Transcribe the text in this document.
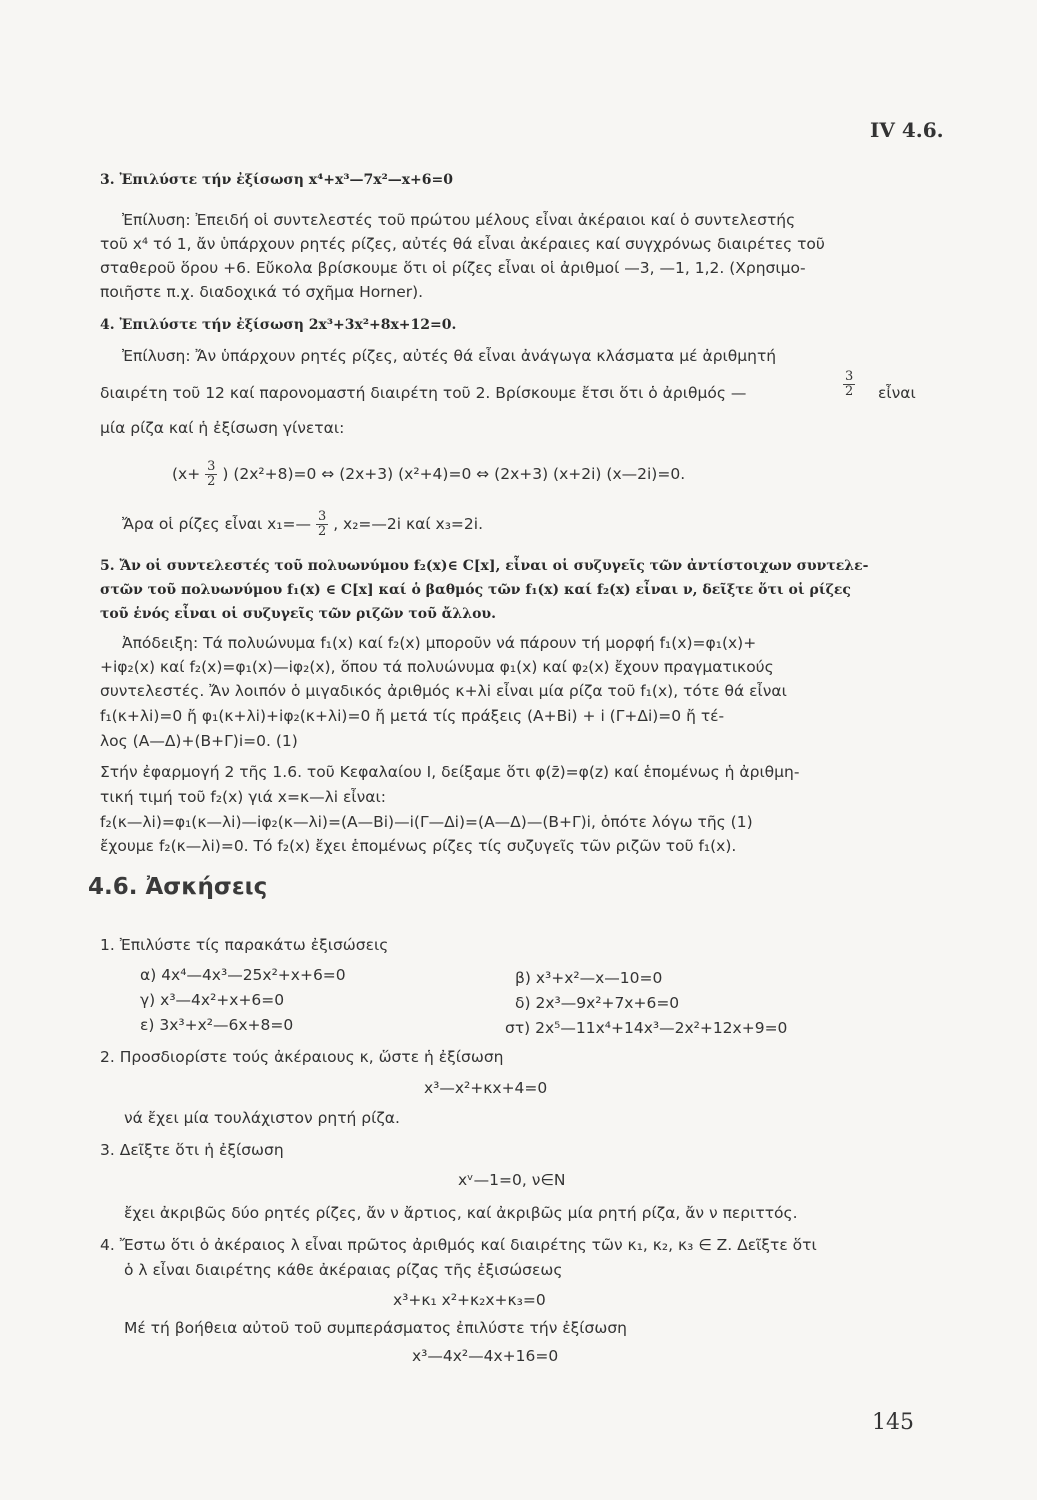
IV 4.6.
3. Ἐπιλύστε τήν ἐξίσωση x⁴+x³—7x²—x+6=0
Ἐπίλυση: Ἐπειδή οἱ συντελεστές τοῦ πρώτου μέλους εἶναι ἀκέραιοι καί ὁ συντελεστής
τοῦ x⁴ τό 1, ἄν ὑπάρχουν ρητές ρίζες, αὐτές θά εἶναι ἀκέραιες καί συγχρόνως διαιρέτες τοῦ
σταθεροῦ ὅρου +6. Εὔκολα βρίσκουμε ὅτι οἱ ρίζες εἶναι οἱ ἀριθμοί —3, —1, 1,2. (Χρησιμο-
ποιῆστε π.χ. διαδοχικά τό σχῆμα Horner).
4. Ἐπιλύστε τήν ἐξίσωση 2x³+3x²+8x+12=0.
Ἐπίλυση: Ἄν ὑπάρχουν ρητές ρίζες, αὐτές θά εἶναι ἀνάγωγα κλάσματα μέ ἀριθμητή
διαιρέτη τοῦ 12 καί παρονομαστή διαιρέτη τοῦ 2. Βρίσκουμε ἔτσι ὅτι ὁ ἀριθμός —	$\frac{3}{2}$ εἶναι
μία ρίζα καί ἡ ἐξίσωση γίνεται:
($x+ \frac{3}{2}$ ) (2x²+8)=0 ⇔ (2x+3) (x²+4)=0 ⇔ (2x+3) (x+2i) (x—2i)=0.
Ἄρα οἱ ρίζες εἶναι x₁=— $\frac{3}{2}$ , x₂=—2i καί x₃=2i.
5. Ἄν οἱ συντελεστές τοῦ πολυωνύμου f₂(x)∈ C[x], εἶναι οἱ συζυγεῖς τῶν ἀντίστοιχων συντελε-
στῶν τοῦ πολυωνύμου f₁(x) ∈ C[x] καί ὁ βαθμός τῶν f₁(x) καί f₂(x) εἶναι ν, δεῖξτε ὅτι οἱ ρίζες
τοῦ ἑνός εἶναι οἱ συζυγεῖς τῶν ριζῶν τοῦ ἄλλου.
Ἀπόδειξη: Τά πολυώνυμα f₁(x) καί f₂(x) μποροῦν νά πάρουν τή μορφή f₁(x)=φ₁(x)+
+iφ₂(x) καί f₂(x)=φ₁(x)—iφ₂(x), ὅπου τά πολυώνυμα φ₁(x) καί φ₂(x) ἔχουν πραγματικούς
συντελεστές. Ἄν λοιπόν ὁ μιγαδικός ἀριθμός κ+λi εἶναι μία ρίζα τοῦ f₁(x), τότε θά εἶναι
f₁(κ+λi)=0 ἤ φ₁(κ+λi)+iφ₂(κ+λi)=0 ἤ μετά τίς πράξεις (Α+Βi) + i (Γ+Δi)=0 ἤ τέ-
λος (Α—Δ)+(Β+Γ)i=0. (1)
Στήν ἐφαρμογή 2 τῆς 1.6. τοῦ Κεφαλαίου I, δείξαμε ὅτι φ(z̄)=φ(z) καί ἑπομένως ἡ ἀριθμη-
τική τιμή τοῦ f₂(x) γιά x=κ—λi εἶναι:
f₂(κ—λi)=φ₁(κ—λi)—iφ₂(κ—λi)=(Α—Βi)—i(Γ—Δi)=(Α—Δ)—(Β+Γ)i, ὁπότε λόγω τῆς (1)
ἔχουμε f₂(κ—λi)=0. Τό f₂(x) ἔχει ἑπομένως ρίζες τίς συζυγεῖς τῶν ριζῶν τοῦ f₁(x).
4.6. Ἀσκήσεις
1. Ἐπιλύστε τίς παρακάτω ἐξισώσεις
α) 4x⁴—4x³—25x²+x+6=0
γ) x³—4x²+x+6=0
ε) 3x³+x²—6x+8=0
β) x³+x²—x—10=0
δ) 2x³—9x²+7x+6=0
στ) 2x⁵—11x⁴+14x³—2x²+12x+9=0
2. Προσδιορίστε τούς ἀκέραιους κ, ὥστε ἡ ἐξίσωση
x³—x²+κx+4=0
νά ἔχει μία τουλάχιστον ρητή ρίζα.
3. Δεῖξτε ὅτι ἡ ἐξίσωση
xᵛ—1=0, ν∈N
ἔχει ἀκριβῶς δύο ρητές ρίζες, ἄν ν ἄρτιος, καί ἀκριβῶς μία ρητή ρίζα, ἄν ν περιττός.
4. Ἔστω ὅτι ὁ ἀκέραιος λ εἶναι πρῶτος ἀριθμός καί διαιρέτης τῶν κ₁, κ₂, κ₃ ∈ Z. Δεῖξτε ὅτι
ὁ λ εἶναι διαιρέτης κάθε ἀκέραιας ρίζας τῆς ἐξισώσεως
x³+κ₁ x²+κ₂x+κ₃=0
Μέ τή βοήθεια αὐτοῦ τοῦ συμπεράσματος ἐπιλύστε τήν ἐξίσωση
x³—4x²—4x+16=0
145
